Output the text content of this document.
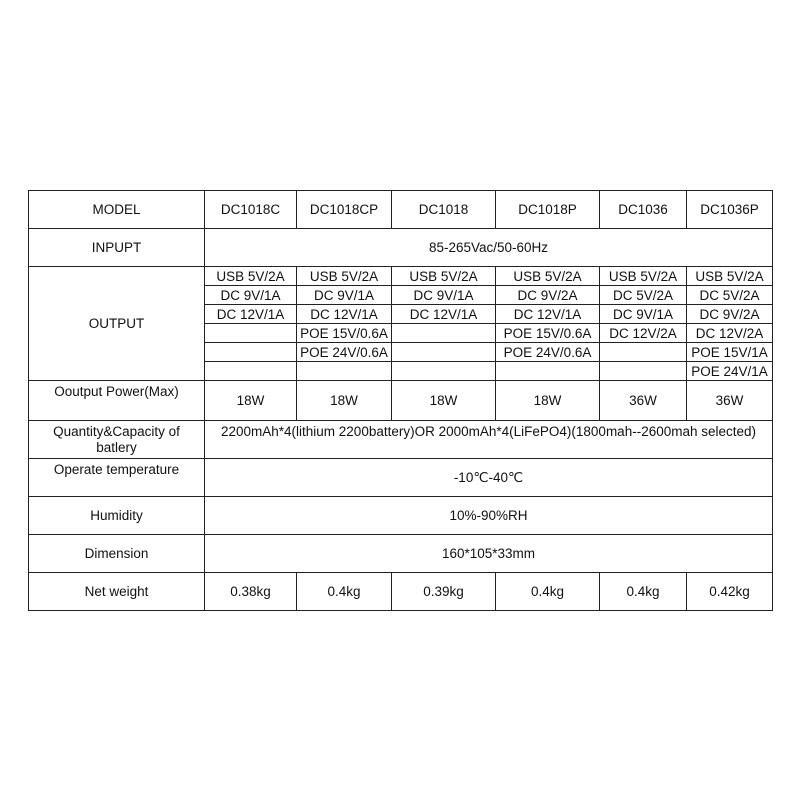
MODEL	DC1018C	DC1018CP	DC1018	DC1018P	DC1036	DC1036P
INPUPT	85-265Vac/50-60Hz					
OUTPUT	USB 5V/2A	USB 5V/2A	USB 5V/2A	USB 5V/2A	USB 5V/2A	USB 5V/2A
	DC 9V/1A	DC 9V/1A	DC 9V/1A	DC 9V/2A	DC 5V/2A	DC 5V/2A
	DC 12V/1A	DC 12V/1A	DC 12V/1A	DC 12V/1A	DC 9V/1A	DC 9V/2A
		POE 15V/0.6A		POE 15V/0.6A	DC 12V/2A	DC 12V/2A
		POE 24V/0.6A		POE 24V/0.6A		POE 15V/1A
						POE 24V/1A
Ooutput Power(Max)	18W	18W	18W	18W	36W	36W
Quantity&Capacity of batlery	2200mAh*4(lithium 2200battery)OR 2000mAh*4(LiFePO4)(1800mah--2600mah selected)					
Operate temperature	-10℃-40℃					
Humidity	10%-90%RH					
Dimension	160*105*33mm					
Net weight	0.38kg	0.4kg	0.39kg	0.4kg	0.4kg	0.42kg
